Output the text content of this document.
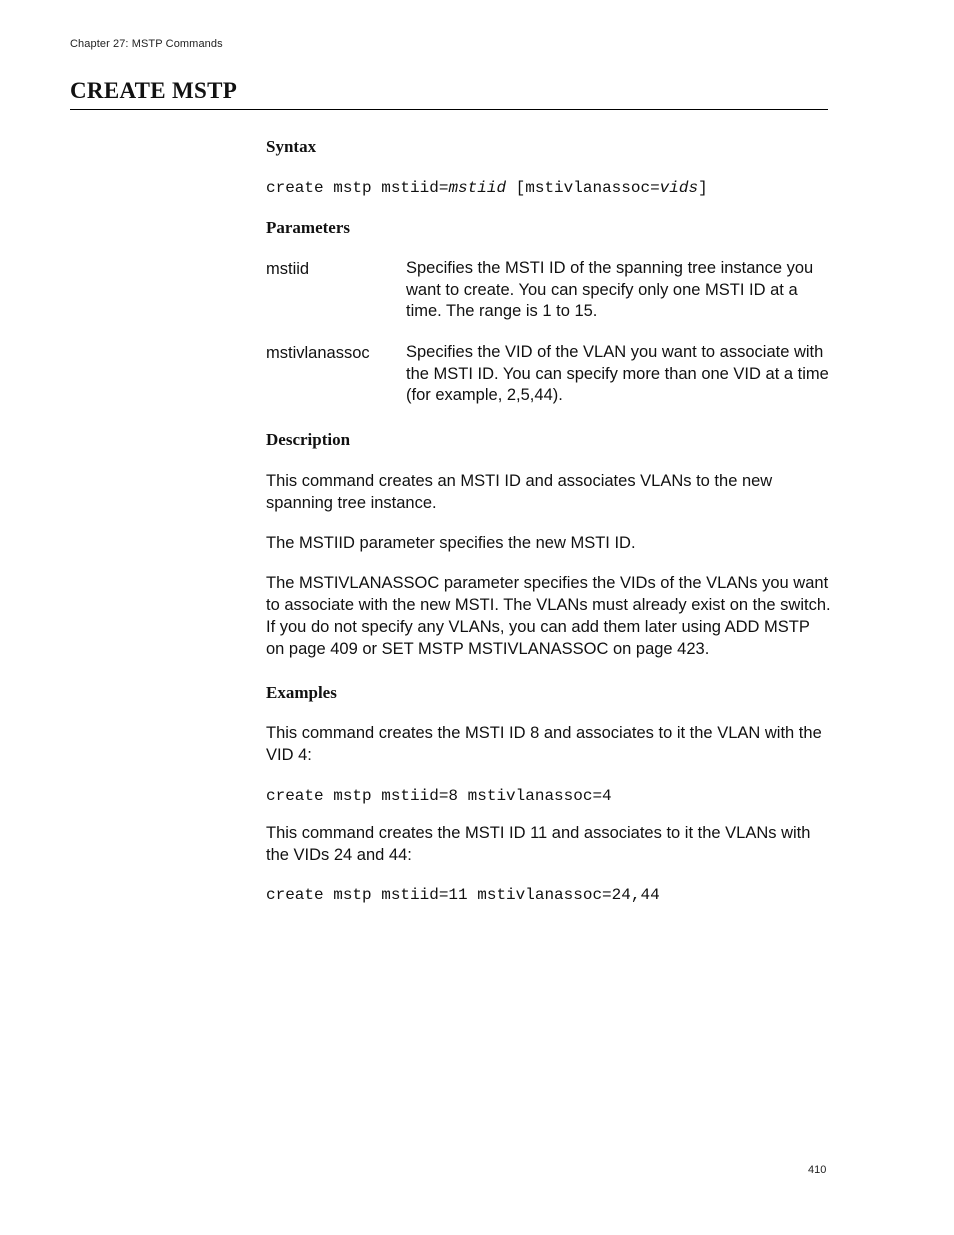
Chapter 27: MSTP Commands
CREATE MSTP
Syntax
create mstp mstiid=mstiid [mstivlanassoc=vids]
Parameters
mstiid	Specifies the MSTI ID of the spanning tree instance you want to create. You can specify only one MSTI ID at a time. The range is 1 to 15.
mstivlanassoc Specifies the VID of the VLAN you want to associate with the MSTI ID. You can specify more than one VID at a time (for example, 2,5,44).
Description
This command creates an MSTI ID and associates VLANs to the new spanning tree instance.
The MSTIID parameter specifies the new MSTI ID.
The MSTIVLANASSOC parameter specifies the VIDs of the VLANs you want to associate with the new MSTI. The VLANs must already exist on the switch. If you do not specify any VLANs, you can add them later using ADD MSTP on page 409 or SET MSTP MSTIVLANASSOC on page 423.
Examples
This command creates the MSTI ID 8 and associates to it the VLAN with the VID 4:
create mstp mstiid=8 mstivlanassoc=4
This command creates the MSTI ID 11 and associates to it the VLANs with the VIDs 24 and 44:
create mstp mstiid=11 mstivlanassoc=24,44
410
